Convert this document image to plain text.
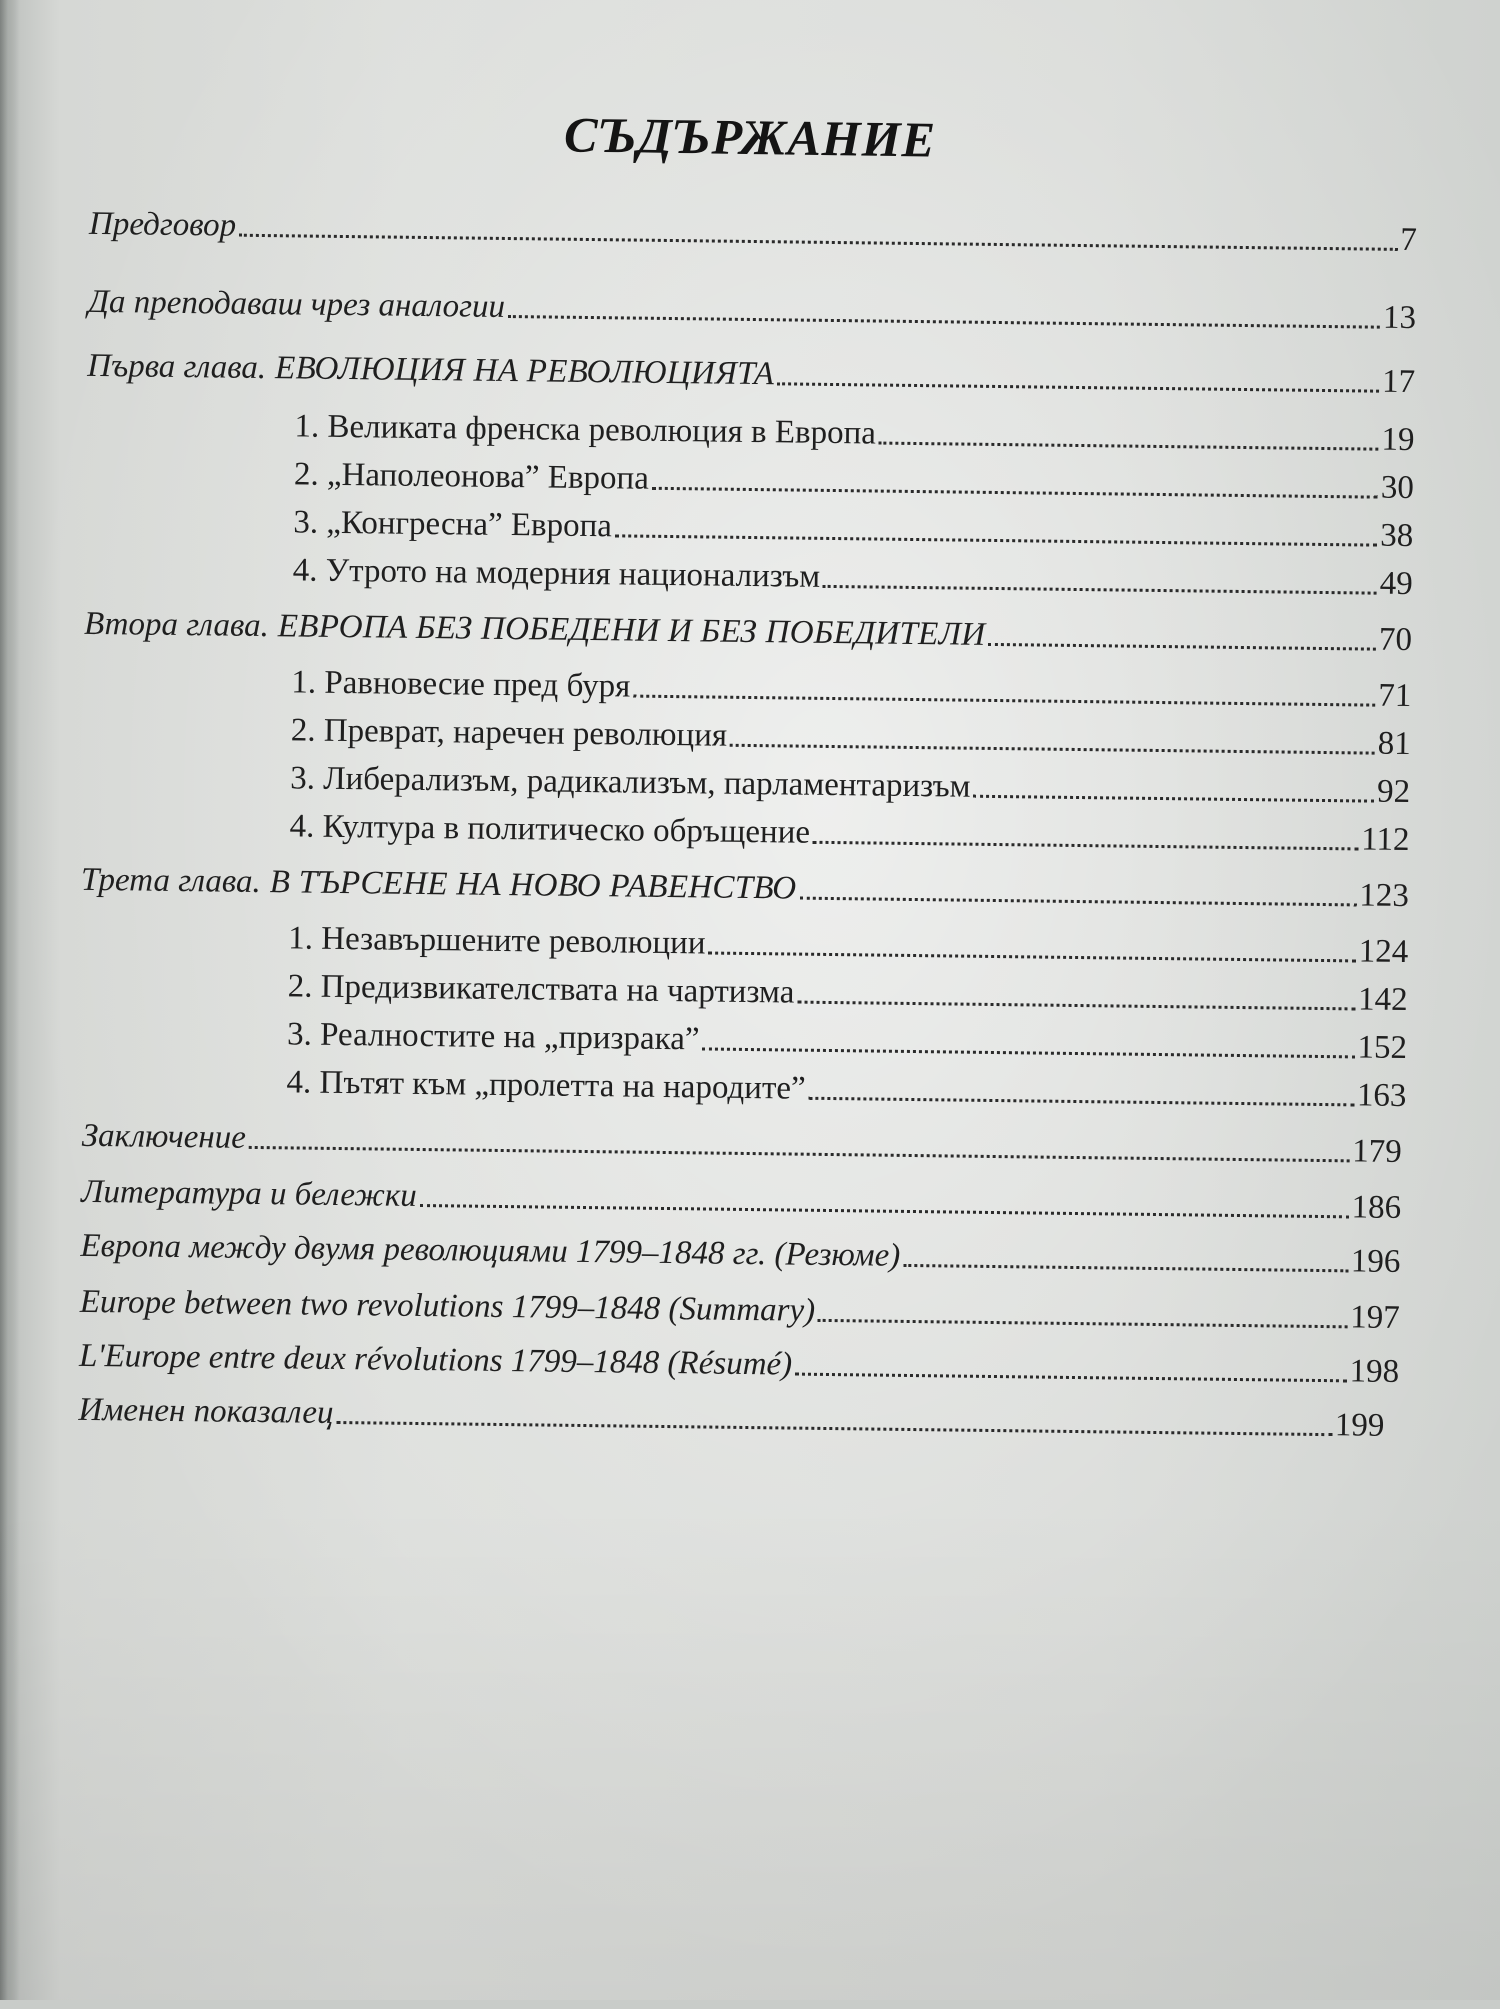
СЪДЪРЖАНИЕ
Предговор	7
Да преподаваш чрез аналогии	13
Първа глава. ЕВОЛЮЦИЯ НА РЕВОЛЮЦИЯТА	17
1. Великата френска революция в Европа	19
2. „Наполеонова” Европа	30
3. „Конгресна” Европа	38
4. Утрото на модерния национализъм	49
Втора глава. ЕВРОПА БЕЗ ПОБЕДЕНИ И БЕЗ ПОБЕДИТЕЛИ	70
1. Равновесие пред буря	71
2. Преврат, наречен революция	81
3. Либерализъм, радикализъм, парламентаризъм	92
4. Култура в политическо обръщение	112
Трета глава. В ТЪРСЕНЕ НА НОВО РАВЕНСТВО	123
1. Незавършените революции	124
2. Предизвикателствата на чартизма	142
3. Реалностите на „призрака”	152
4. Пътят към „пролетта на народите”	163
Заключение	179
Литература и бележки	186
Европа между двумя революциями 1799–1848 гг. (Резюме)	196
Europe between two revolutions 1799–1848 (Summary)	197
L'Europe entre deux révolutions 1799–1848 (Résumé)	198
Именен показалец	199
